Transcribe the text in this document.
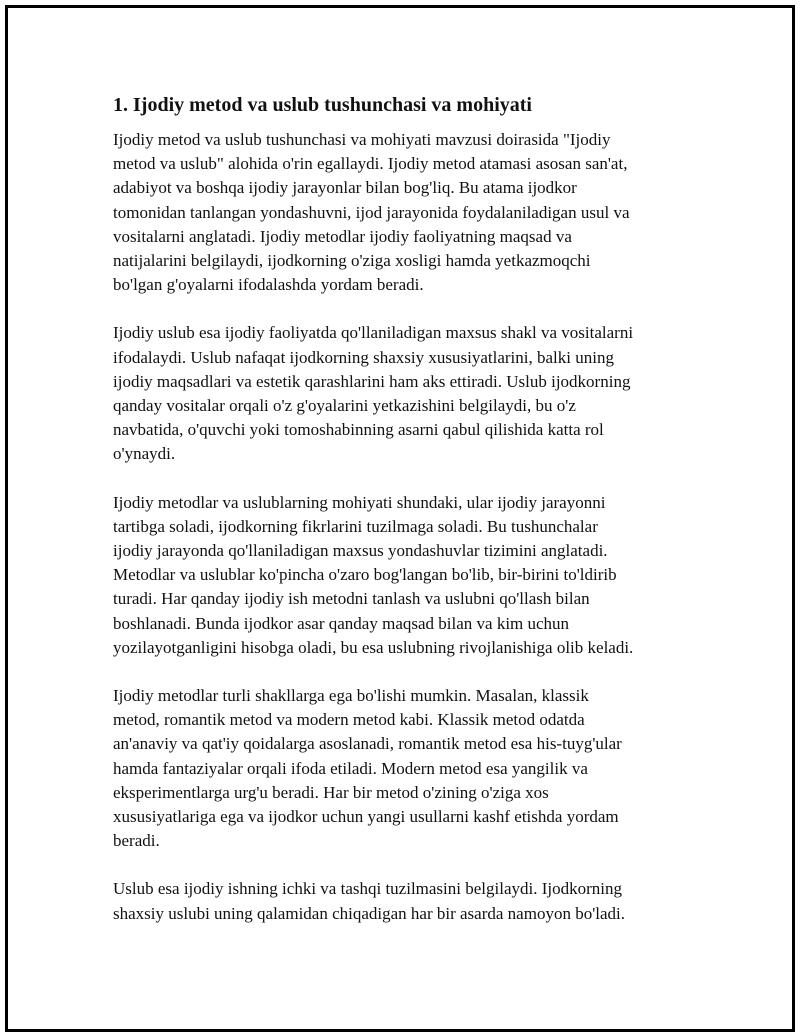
1. Ijodiy metod va uslub tushunchasi va mohiyati

Ijodiy metod va uslub tushunchasi va mohiyati mavzusi doirasida "Ijodiy
metod va uslub" alohida o'rin egallaydi. Ijodiy metod atamasi asosan san'at,
adabiyot va boshqa ijodiy jarayonlar bilan bog'liq. Bu atama ijodkor
tomonidan tanlangan yondashuvni, ijod jarayonida foydalaniladigan usul va
vositalarni anglatadi. Ijodiy metodlar ijodiy faoliyatning maqsad va
natijalarini belgilaydi, ijodkorning o'ziga xosligi hamda yetkazmoqchi
bo'lgan g'oyalarni ifodalashda yordam beradi.

Ijodiy uslub esa ijodiy faoliyatda qo'llaniladigan maxsus shakl va vositalarni
ifodalaydi. Uslub nafaqat ijodkorning shaxsiy xususiyatlarini, balki uning
ijodiy maqsadlari va estetik qarashlarini ham aks ettiradi. Uslub ijodkorning
qanday vositalar orqali o'z g'oyalarini yetkazishini belgilaydi, bu o'z
navbatida, o'quvchi yoki tomoshabinning asarni qabul qilishida katta rol
o'ynaydi.

Ijodiy metodlar va uslublarning mohiyati shundaki, ular ijodiy jarayonni
tartibga soladi, ijodkorning fikrlarini tuzilmaga soladi. Bu tushunchalar
ijodiy jarayonda qo'llaniladigan maxsus yondashuvlar tizimini anglatadi.
Metodlar va uslublar ko'pincha o'zaro bog'langan bo'lib, bir-birini to'ldirib
turadi. Har qanday ijodiy ish metodni tanlash va uslubni qo'llash bilan
boshlanadi. Bunda ijodkor asar qanday maqsad bilan va kim uchun
yozilayotganligini hisobga oladi, bu esa uslubning rivojlanishiga olib keladi.

Ijodiy metodlar turli shakllarga ega bo'lishi mumkin. Masalan, klassik
metod, romantik metod va modern metod kabi. Klassik metod odatda
an'anaviy va qat'iy qoidalarga asoslanadi, romantik metod esa his-tuyg'ular
hamda fantaziyalar orqali ifoda etiladi. Modern metod esa yangilik va
eksperimentlarga urg'u beradi. Har bir metod o'zining o'ziga xos
xususiyatlariga ega va ijodkor uchun yangi usullarni kashf etishda yordam
beradi.

Uslub esa ijodiy ishning ichki va tashqi tuzilmasini belgilaydi. Ijodkorning
shaxsiy uslubi uning qalamidan chiqadigan har bir asarda namoyon bo'ladi.
